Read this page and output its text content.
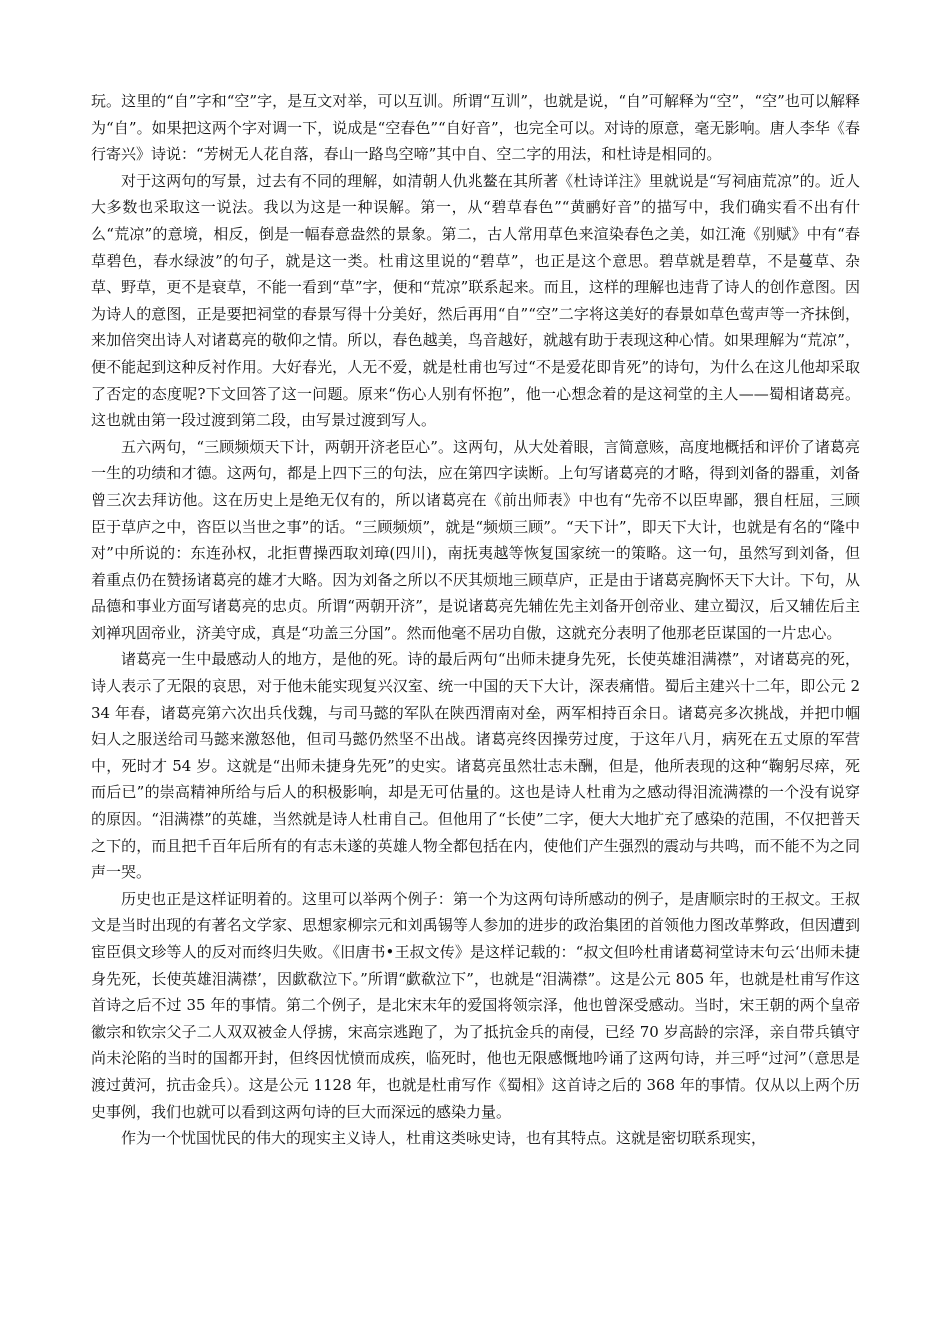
玩。这里的“自”字和“空”字，是互文对举，可以互训。所谓“互训”，也就是说，“自”可解释为“空”，“空”也可以解释为“自”。如果把这两个字对调一下，说成是“空春色”“自好音”，也完全可以。对诗的原意，毫无影响。唐人李华《春行寄兴》诗说：“芳树无人花自落，春山一路鸟空啼”其中自、空二字的用法，和杜诗是相同的。

对于这两句的写景，过去有不同的理解，如清朝人仇兆鳌在其所著《杜诗详注》里就说是“写祠庙荒凉”的。近人大多数也采取这一说法。我以为这是一种误解。第一，从“碧草春色”“黄鹂好音”的描写中，我们确实看不出有什么“荒凉”的意境，相反，倒是一幅春意盎然的景象。第二，古人常用草色来渲染春色之美，如江淹《别赋》中有“春草碧色，春水绿波”的句子，就是这一类。杜甫这里说的“碧草”，也正是这个意思。碧草就是碧草，不是蔓草、杂草、野草，更不是衰草，不能一看到“草”字，便和“荒凉”联系起来。而且，这样的理解也违背了诗人的创作意图。因为诗人的意图，正是要把祠堂的春景写得十分美好，然后再用“自”“空”二字将这美好的春景如草色莺声等一齐抹倒，来加倍突出诗人对诸葛亮的敬仰之情。所以，春色越美，鸟音越好，就越有助于表现这种心情。如果理解为“荒凉”，便不能起到这种反衬作用。大好春光，人无不爱，就是杜甫也写过“不是爱花即肯死”的诗句，为什么在这儿他却采取了否定的态度呢?下文回答了这一问题。原来“伤心人别有怀抱”，他一心想念着的是这祠堂的主人——蜀相诸葛亮。这也就由第一段过渡到第二段，由写景过渡到写人。

五六两句，“三顾频烦天下计，两朝开济老臣心”。这两句，从大处着眼，言简意赅，高度地概括和评价了诸葛亮一生的功绩和才德。这两句，都是上四下三的句法，应在第四字读断。上句写诸葛亮的才略，得到刘备的器重，刘备曾三次去拜访他。这在历史上是绝无仅有的，所以诸葛亮在《前出师表》中也有“先帝不以臣卑鄙，猥自枉屈，三顾臣于草庐之中，咨臣以当世之事”的话。“三顾频烦”，就是“频烦三顾”。“天下计”，即天下大计，也就是有名的“隆中对”中所说的：东连孙权，北拒曹操西取刘璋(四川)，南抚夷越等恢复国家统一的策略。这一句，虽然写到刘备，但着重点仍在赞扬诸葛亮的雄才大略。因为刘备之所以不厌其烦地三顾草庐，正是由于诸葛亮胸怀天下大计。下句，从品德和事业方面写诸葛亮的忠贞。所谓“两朝开济”，是说诸葛亮先辅佐先主刘备开创帝业、建立蜀汉，后又辅佐后主刘禅巩固帝业，济美守成，真是“功盖三分国”。然而他毫不居功自傲，这就充分表明了他那老臣谋国的一片忠心。

诸葛亮一生中最感动人的地方，是他的死。诗的最后两句“出师未捷身先死，长使英雄泪满襟”，对诸葛亮的死，诗人表示了无限的哀思，对于他未能实现复兴汉室、统一中国的天下大计，深表痛惜。蜀后主建兴十二年，即公元 234 年春，诸葛亮第六次出兵伐魏，与司马懿的军队在陕西渭南对垒，两军相持百余日。诸葛亮多次挑战，并把巾帼妇人之服送给司马懿来激怒他，但司马懿仍然坚不出战。诸葛亮终因操劳过度，于这年八月，病死在五丈原的军营中，死时才 54 岁。这就是“出师未捷身先死”的史实。诸葛亮虽然壮志未酬，但是，他所表现的这种“鞠躬尽瘁，死而后已”的崇高精神所给与后人的积极影响，却是无可估量的。这也是诗人杜甫为之感动得泪流满襟的一个没有说穿的原因。“泪满襟”的英雄，当然就是诗人杜甫自己。但他用了“长使”二字，便大大地扩充了感染的范围，不仅把普天之下的，而且把千百年后所有的有志未遂的英雄人物全都包括在内，使他们产生强烈的震动与共鸣，而不能不为之同声一哭。

历史也正是这样证明着的。这里可以举两个例子：第一个为这两句诗所感动的例子，是唐顺宗时的王叔文。王叔文是当时出现的有著名文学家、思想家柳宗元和刘禹锡等人参加的进步的政治集团的首领他力图改革弊政，但因遭到宦臣俱文珍等人的反对而终归失败。《旧唐书•王叔文传》是这样记载的：“叔文但吟杜甫诸葛祠堂诗末句云‘出师未捷身先死，长使英雄泪满襟’，因歔欷泣下。”所谓“歔欷泣下”，也就是“泪满襟”。这是公元 805 年，也就是杜甫写作这首诗之后不过 35 年的事情。第二个例子，是北宋末年的爱国将领宗泽，他也曾深受感动。当时，宋王朝的两个皇帝徽宗和钦宗父子二人双双被金人俘掳，宋高宗逃跑了，为了抵抗金兵的南侵，已经 70 岁高龄的宗泽，亲自带兵镇守尚未沦陷的当时的国都开封，但终因忧愤而成疾，临死时，他也无限感慨地吟诵了这两句诗，并三呼“过河”（意思是渡过黄河，抗击金兵）。这是公元 1128 年，也就是杜甫写作《蜀相》这首诗之后的 368 年的事情。仅从以上两个历史事例，我们也就可以看到这两句诗的巨大而深远的感染力量。

作为一个忧国忧民的伟大的现实主义诗人，杜甫这类咏史诗，也有其特点。这就是密切联系现实，
